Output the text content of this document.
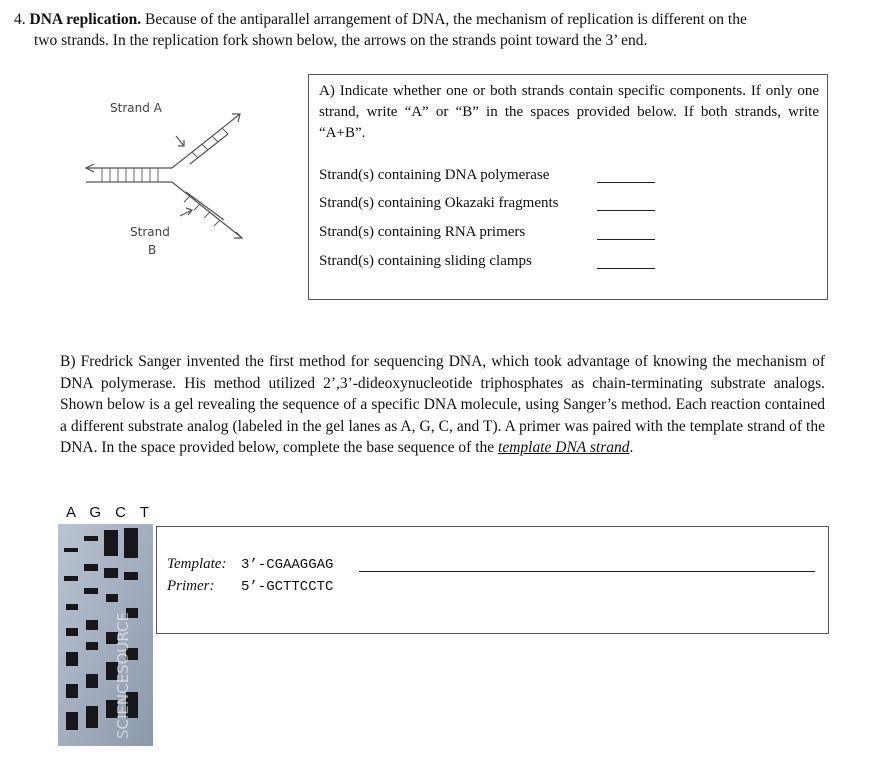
4. DNA replication. Because of the antiparallel arrangement of DNA, the mechanism of replication is different on the
two strands. In the replication fork shown below, the arrows on the strands point toward the 3’ end.
Strand A
Strand
B
A) Indicate whether one or both strands contain specific components. If only one strand, write “A” or “B” in the spaces provided below. If both strands, write “A+B”.
Strand(s) containing DNA polymerase
Strand(s) containing Okazaki fragments
Strand(s) containing RNA primers
Strand(s) containing sliding clamps
B) Fredrick Sanger invented the first method for sequencing DNA, which took advantage of knowing the mechanism of DNA polymerase. His method utilized 2’,3’-dideoxynucleotide triphosphates as chain-terminating substrate analogs. Shown below is a gel revealing the sequence of a specific DNA molecule, using Sanger’s method. Each reaction contained a different substrate analog (labeled in the gel lanes as A, G, C, and T). A primer was paired with the template strand of the DNA. In the space provided below, complete the base sequence of the template DNA strand.
A G C T
SCIENCESOURCE
Template: 3’-CGAAGGAG
Primer: 5’-GCTTCCTC
